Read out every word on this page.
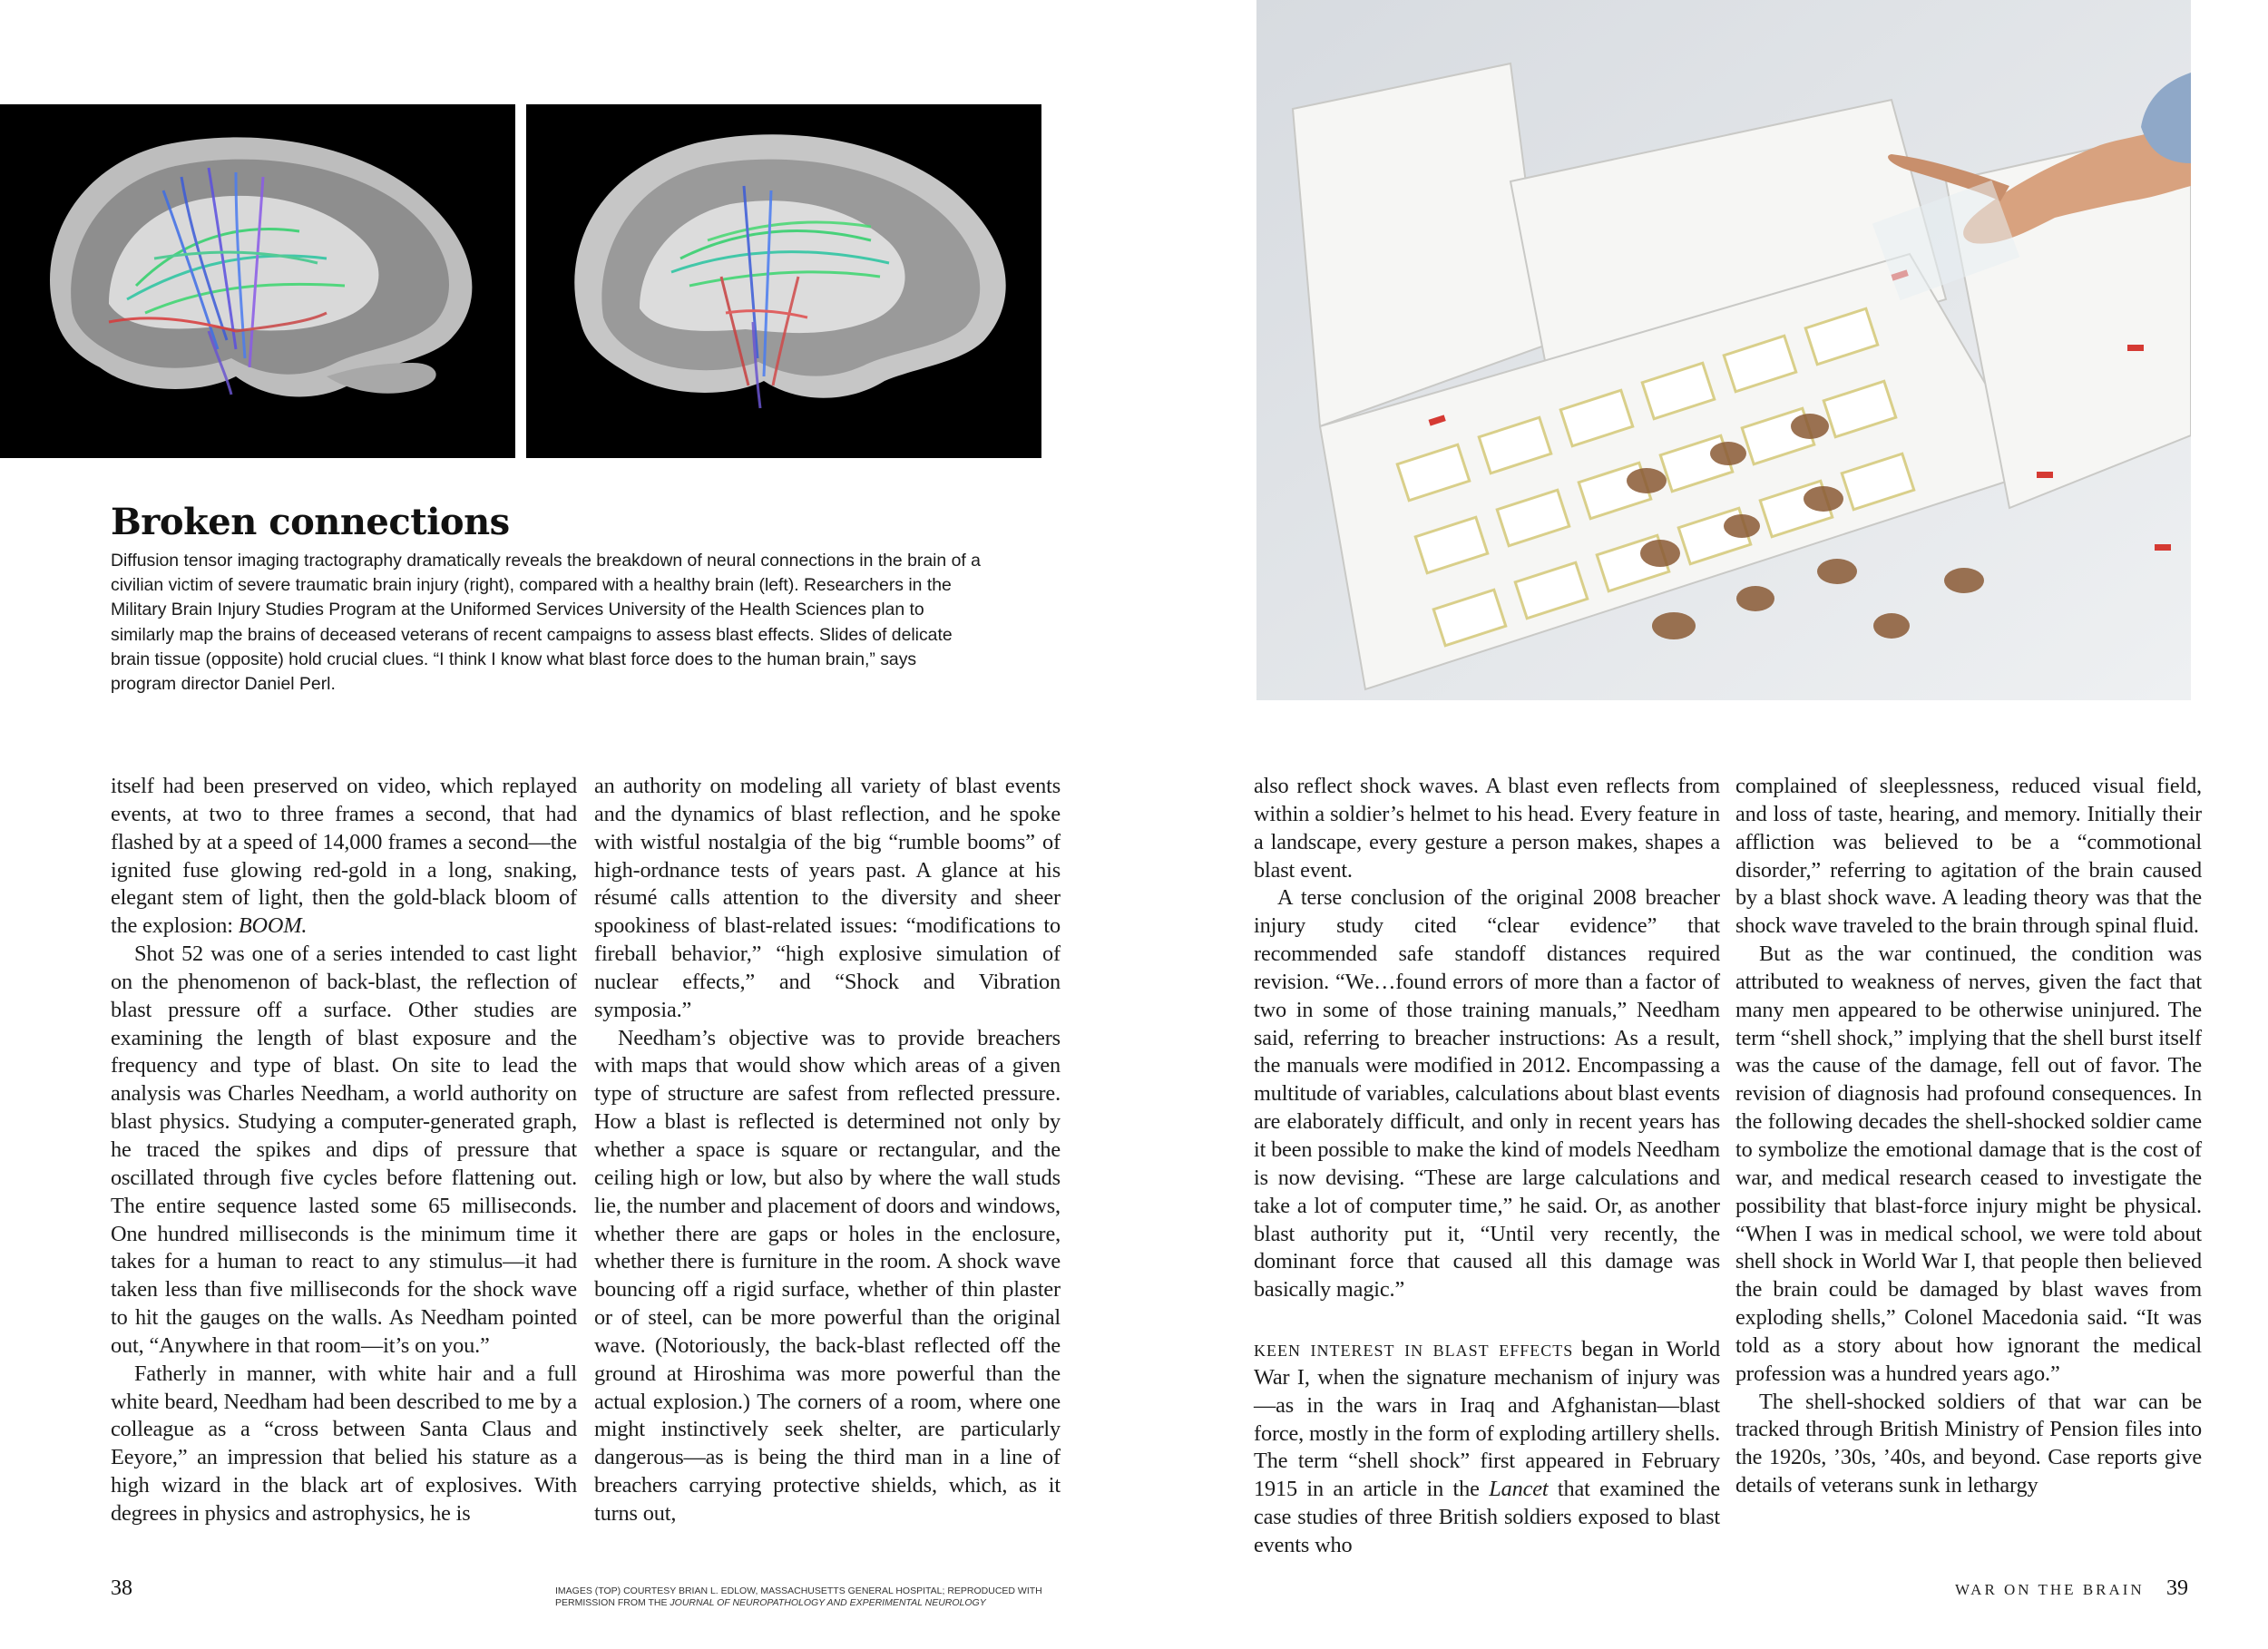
Broken connections
Diffusion tensor imaging tractography dramatically reveals the breakdown of neural connections in the brain of a civilian victim of severe traumatic brain injury (right), compared with a healthy brain (left). Researchers in the Military Brain Injury Studies Program at the Uniformed Services University of the Health Sciences plan to similarly map the brains of deceased veterans of recent campaigns to assess blast effects. Slides of delicate brain tissue (opposite) hold crucial clues. “I think I know what blast force does to the human brain,” says program director Daniel Perl.

itself had been preserved on video, which replayed events, at two to three frames a second, that had flashed by at a speed of 14,000 frames a second—the ignited fuse glowing red-gold in a long, snaking, elegant stem of light, then the gold-black bloom of the explosion: BOOM.

Shot 52 was one of a series intended to cast light on the phenomenon of back-blast, the reflection of blast pressure off a surface. Other studies are examining the length of blast exposure and the frequency and type of blast. On site to lead the analysis was Charles Needham, a world authority on blast physics. Studying a computer-generated graph, he traced the spikes and dips of pressure that oscillated through five cycles before flattening out. The entire sequence lasted some 65 milliseconds. One hundred milliseconds is the minimum time it takes for a human to react to any stimulus—it had taken less than five milliseconds for the shock wave to hit the gauges on the walls. As Needham pointed out, “Anywhere in that room—it’s on you.”

Fatherly in manner, with white hair and a full white beard, Needham had been described to me by a colleague as a “cross between Santa Claus and Eeyore,” an impression that belied his stature as a high wizard in the black art of explosives. With degrees in physics and astrophysics, he is

an authority on modeling all variety of blast events and the dynamics of blast reflection, and he spoke with wistful nostalgia of the big “rumble booms” of high-ordnance tests of years past. A glance at his résumé calls attention to the diversity and sheer spookiness of blast-related issues: “modifications to fireball behavior,” “high explosive simulation of nuclear effects,” and “Shock and Vibration symposia.”

Needham’s objective was to provide breachers with maps that would show which areas of a given type of structure are safest from reflected pressure. How a blast is reflected is determined not only by whether a space is square or rectangular, and the ceiling high or low, but also by where the wall studs lie, the number and placement of doors and windows, whether there are gaps or holes in the enclosure, whether there is furniture in the room. A shock wave bouncing off a rigid surface, whether of thin plaster or of steel, can be more powerful than the original wave. (Notoriously, the back-blast reflected off the ground at Hiroshima was more powerful than the actual explosion.) The corners of a room, where one might instinctively seek shelter, are particularly dangerous—as is being the third man in a line of breachers carrying protective shields, which, as it turns out,

also reflect shock waves. A blast even reflects from within a soldier’s helmet to his head. Every feature in a landscape, every gesture a person makes, shapes a blast event.

A terse conclusion of the original 2008 breacher injury study cited “clear evidence” that recommended safe standoff distances required revision. “We…found errors of more than a factor of two in some of those training manuals,” Needham said, referring to breacher instructions: As a result, the manuals were modified in 2012. Encompassing a multitude of variables, calculations about blast events are elaborately difficult, and only in recent years has it been possible to make the kind of models Needham is now devising. “These are large calculations and take a lot of computer time,” he said. Or, as another blast authority put it, “Until very recently, the dominant force that caused all this damage was basically magic.”

keen interest in blast effects began in World War I, when the signature mechanism of injury was—as in the wars in Iraq and Afghanistan—blast force, mostly in the form of exploding artillery shells. The term “shell shock” first appeared in February 1915 in an article in the Lancet that examined the case studies of three British soldiers exposed to blast events who

complained of sleeplessness, reduced visual field, and loss of taste, hearing, and memory. Initially their affliction was believed to be a “commotional disorder,” referring to agitation of the brain caused by a blast shock wave. A leading theory was that the shock wave traveled to the brain through spinal fluid.

But as the war continued, the condition was attributed to weakness of nerves, given the fact that many men appeared to be otherwise uninjured. The term “shell shock,” implying that the shell burst itself was the cause of the damage, fell out of favor. The revision of diagnosis had profound consequences. In the following decades the shell-shocked soldier came to symbolize the emotional damage that is the cost of war, and medical research ceased to investigate the possibility that blast-force injury might be physical. “When I was in medical school, we were told about shell shock in World War I, that people then believed the brain could be damaged by blast waves from exploding shells,” Colonel Macedonia said. “It was told as a story about how ignorant the medical profession was a hundred years ago.”

The shell-shocked soldiers of that war can be tracked through British Ministry of Pension files into the 1920s, ’30s, ’40s, and beyond. Case reports give details of veterans sunk in lethargy

38	IMAGES (TOP) COURTESY BRIAN L. EDLOW, MASSACHUSETTS GENERAL HOSPITAL; REPRODUCED WITH PERMISSION FROM THE JOURNAL OF NEUROPATHOLOGY AND EXPERIMENTAL NEUROLOGY
WAR ON THE BRAIN 39
